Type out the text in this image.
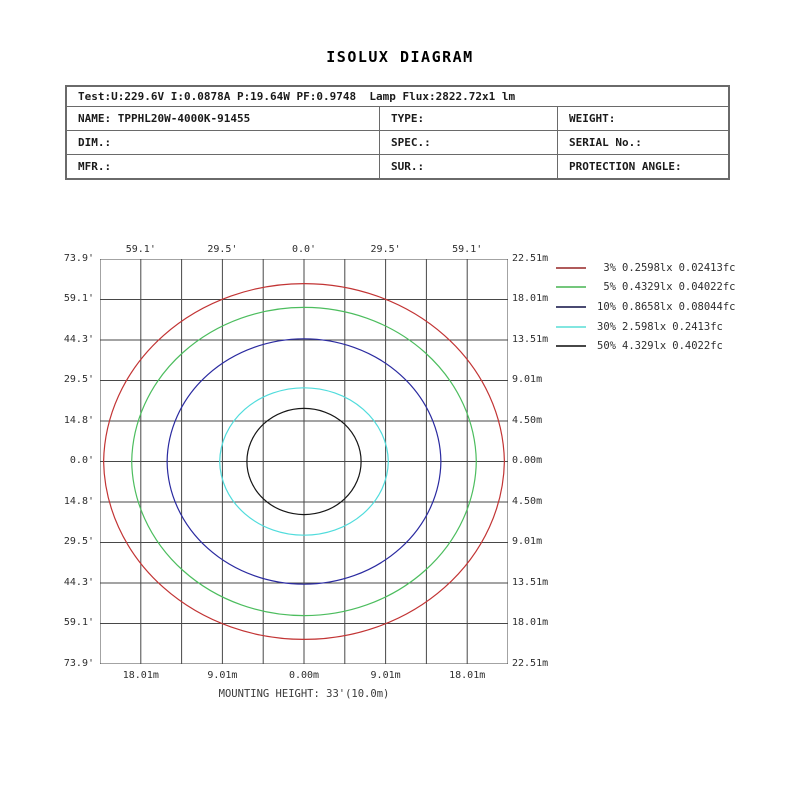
ISOLUX DIAGRAM
Test:U:229.6V I:0.0878A P:19.64W PF:0.9748  Lamp Flux:2822.72x1 lm
NAME: TPPHL20W-4000K-91455	TYPE:	WEIGHT:
DIM.:	SPEC.:	SERIAL No.:
MFR.:	SUR.:	PROTECTION ANGLE:
59.1'	29.5'	0.0'	29.5'	59.1'
18.01m	9.01m	0.00m	9.01m	18.01m
73.9'
59.1'
44.3'
29.5'
14.8'
0.0'
14.8'
29.5'
44.3'
59.1'
73.9'
22.51m
18.01m
13.51m
9.01m
4.50m
0.00m
4.50m
9.01m
13.51m
18.01m
22.51m
MOUNTING HEIGHT: 33'(10.0m)
3% 0.2598lx 0.02413fc
5% 0.4329lx 0.04022fc
10% 0.8658lx 0.08044fc
30% 2.598lx 0.2413fc
50% 4.329lx 0.4022fc
